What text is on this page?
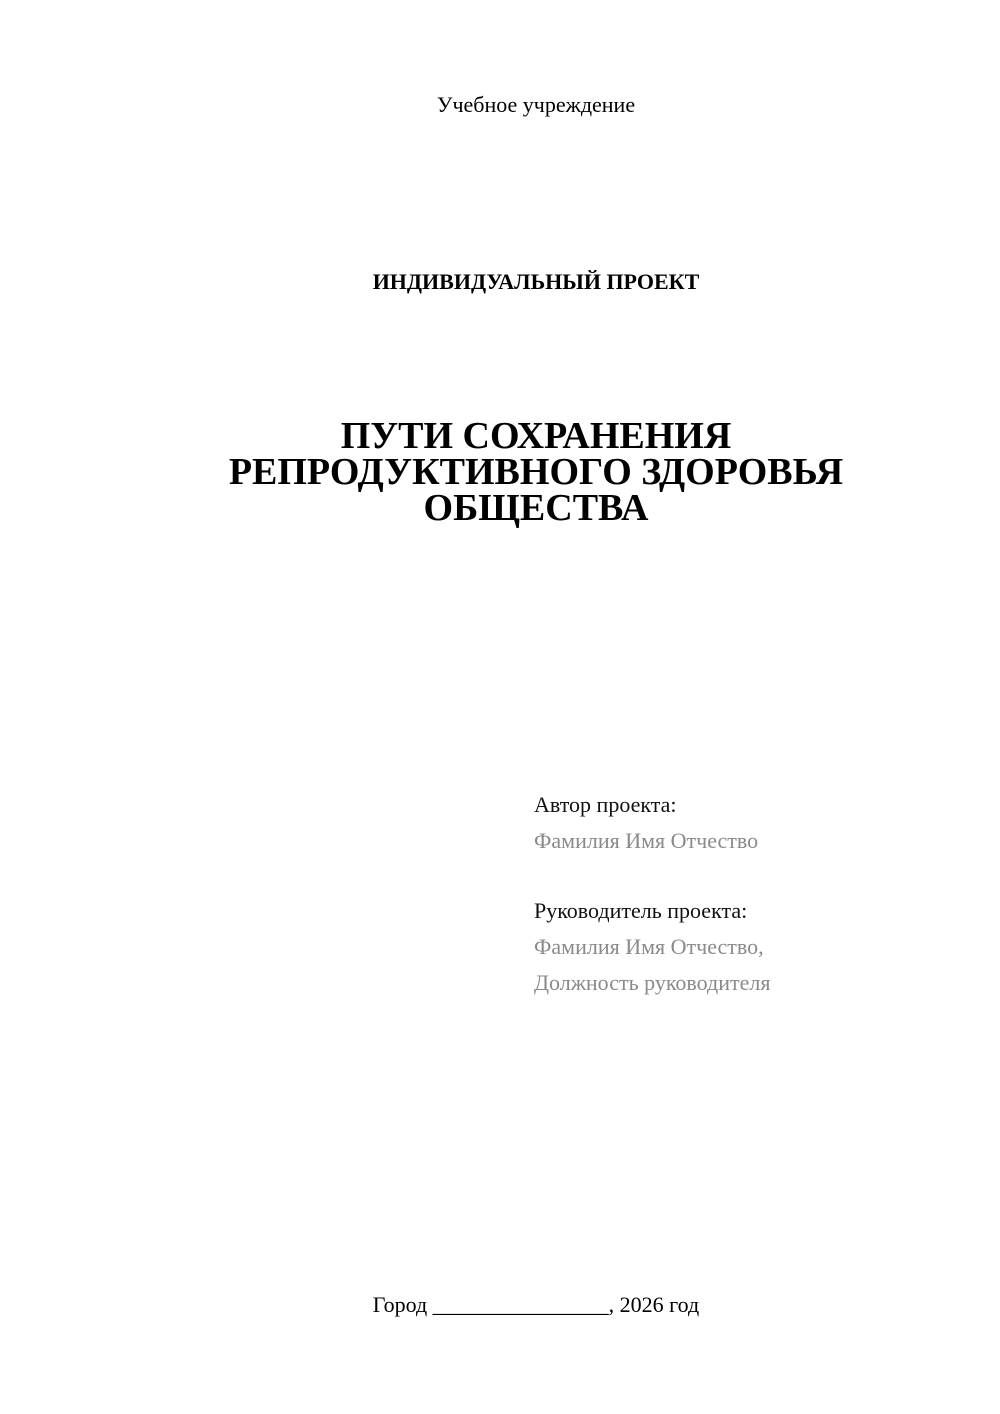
Учебное учреждение
ИНДИВИДУАЛЬНЫЙ ПРОЕКТ
ПУТИ СОХРАНЕНИЯ
РЕПРОДУКТИВНОГО ЗДОРОВЬЯ
ОБЩЕСТВА
Автор проекта:
Фамилия Имя Отчество
Руководитель проекта:
Фамилия Имя Отчество,
Должность руководителя
Город ________________, 2026 год
